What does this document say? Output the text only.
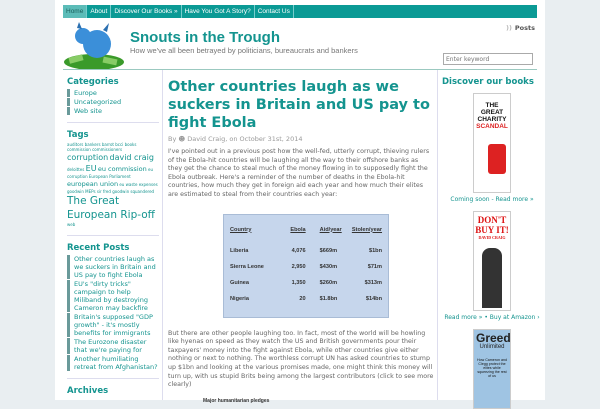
Home	About	Discover Our Books »	Have You Got A Story?	Contact Us
Snouts in the Trough
How we've all been betrayed by politicians, bureaucrats and bankers
)) Posts
Enter keyword
Categories
Europe
Uncategorized
Web site
Tags
auditors bankers barrot bcci books commission commissioners corruption david craig deloittes EU eu commission eu corruption European Parliament european union eu waste expenses goodwin MEPs sir fred goodwin squandered The Great European Rip-off web
Recent Posts
Other countries laugh as we suckers in Britain and US pay to fight Ebola
EU's "dirty tricks" campaign to help Miliband by destroying Cameron may backfire
Britain's supposed "GDP growth" - it's mostly benefits for immigrants
The Eurozone disaster that we're paying for
Another humiliating retreat from Afghanistan?
Archives
Other countries laugh as we suckers in Britain and US pay to fight Ebola
By ☻ David Craig, on October 31st, 2014

I've pointed out in a previous post how the well-fed, utterly corrupt, thieving rulers of the Ebola-hit countries will be laughing all the way to their offshore banks as they get the chance to steal much of the money flowing in to supposedly fight the Ebola outbreak. Here's a reminder of the number of deaths in the Ebola-hit countries, how much they get in foreign aid each year and how much their elites are estimated to steal from their countries each year:

Country	Ebola	Aid/year	Stolen/year
Liberia	4,076	$669m	$1bn
Sierra Leone	2,950	$430m	$71m
Guinea	1,350	$260m	$313m
Nigeria	20	$1.8bn	$14bn

But there are other people laughing too. In fact, most of the world will be howling like hyenas on speed as they watch the US and British governments pour their taxpayers' money into the fight against Ebola, while other countries give either nothing or next to nothing. The worthless corrupt UN has asked countries to stump up $1bn and looking at the various promises made, one might think this money will turn up, with us stupid Brits being among the largest contributors (click to see more clearly)

Major humanitarian pledges
Discover our books
THE GREAT CHARITY
SCANDAL
Coming soon - Read more »
DON'T BUY IT!
DAVID CRAIG
Read more » • Buy at Amazon ›
Greed
Unlimited
How Cameron and Clegg protect the elites while squeezing the rest of us
